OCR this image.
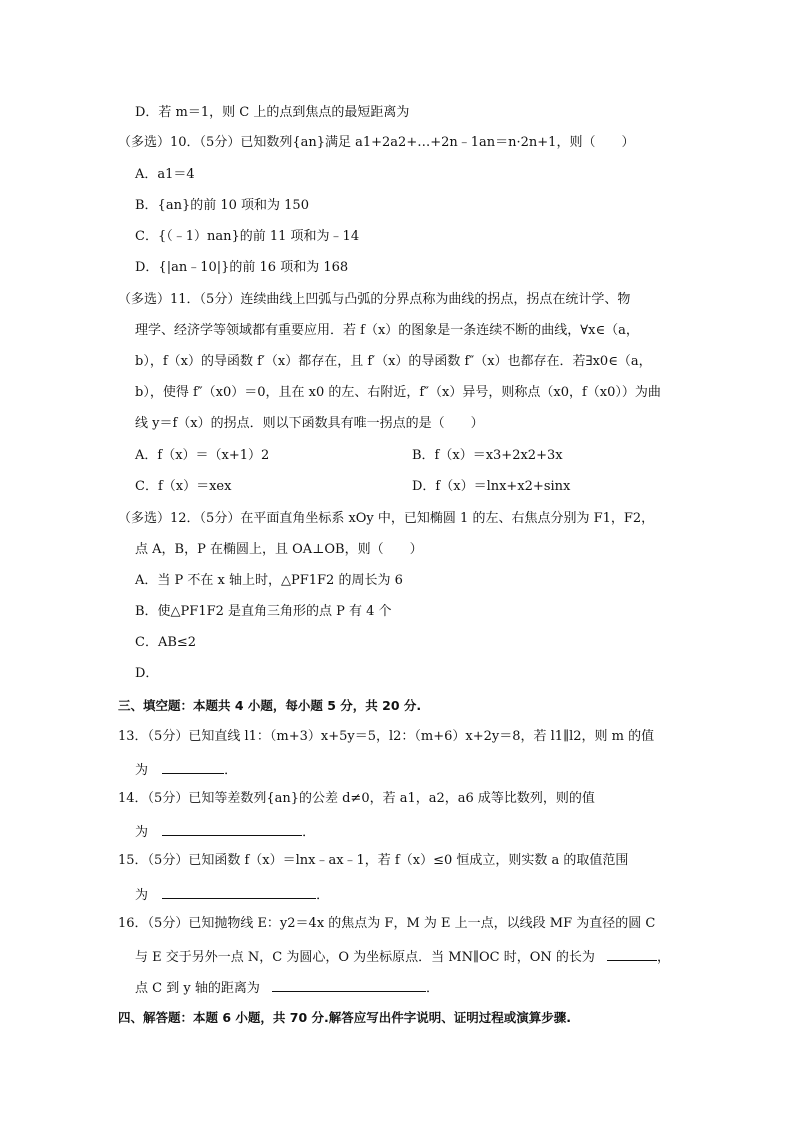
D．若 m＝1，则 C 上的点到焦点的最短距离为
（多选）10．（5分）已知数列{an}满足 a1+2a2+…+2n﹣1an＝n·2n+1，则（　　）
A．a1＝4
B．{an}的前 10 项和为 150
C．{（﹣1）nan}的前 11 项和为﹣14
D．{|an﹣10|}的前 16 项和为 168
（多选）11．（5分）连续曲线上凹弧与凸弧的分界点称为曲线的拐点，拐点在统计学、物
理学、经济学等领域都有重要应用．若 f（x）的图象是一条连续不断的曲线，∀x∈（a，
b），f（x）的导函数 f′（x）都存在，且 f′（x）的导函数 f″（x）也都存在．若∃x0∈（a，
b），使得 f″（x0）＝0，且在 x0 的左、右附近，f″（x）异号，则称点（x0，f（x0））为曲
线 y＝f（x）的拐点．则以下函数具有唯一拐点的是（　　）
A．f（x）＝（x+1）2	B．f（x）＝x3+2x2+3x
C．f（x）＝xex	D．f（x）＝lnx+x2+sinx
（多选）12．（5分）在平面直角坐标系 xOy 中，已知椭圆 1 的左、右焦点分别为 F1，F2，
点 A，B，P 在椭圆上，且 OA⊥OB，则（　　）
A．当 P 不在 x 轴上时，△PF1F2 的周长为 6
B．使△PF1F2 是直角三角形的点 P 有 4 个
C．AB≤2
D．
三、填空题：本题共 4 小题，每小题 5 分，共 20 分.
13．（5分）已知直线 l1：（m+3）x+5y＝5，l2：（m+6）x+2y＝8，若 l1∥l2，则 m 的值
为	．
14．（5分）已知等差数列{an}的公差 d≠0，若 a1，a2，a6 成等比数列，则的值
为	．
15．（5分）已知函数 f（x）＝lnx﹣ax﹣1，若 f（x）≤0 恒成立，则实数 a 的取值范围
为	．
16．（5分）已知抛物线 E：y2＝4x 的焦点为 F，M 为 E 上一点，以线段 MF 为直径的圆 C
与 E 交于另外一点 N，C 为圆心，O 为坐标原点．当 MN∥OC 时，ON 的长为	，
点 C 到 y 轴的距离为	．
四、解答题：本题 6 小题，共 70 分.解答应写出件字说明、证明过程或演算步骤.
